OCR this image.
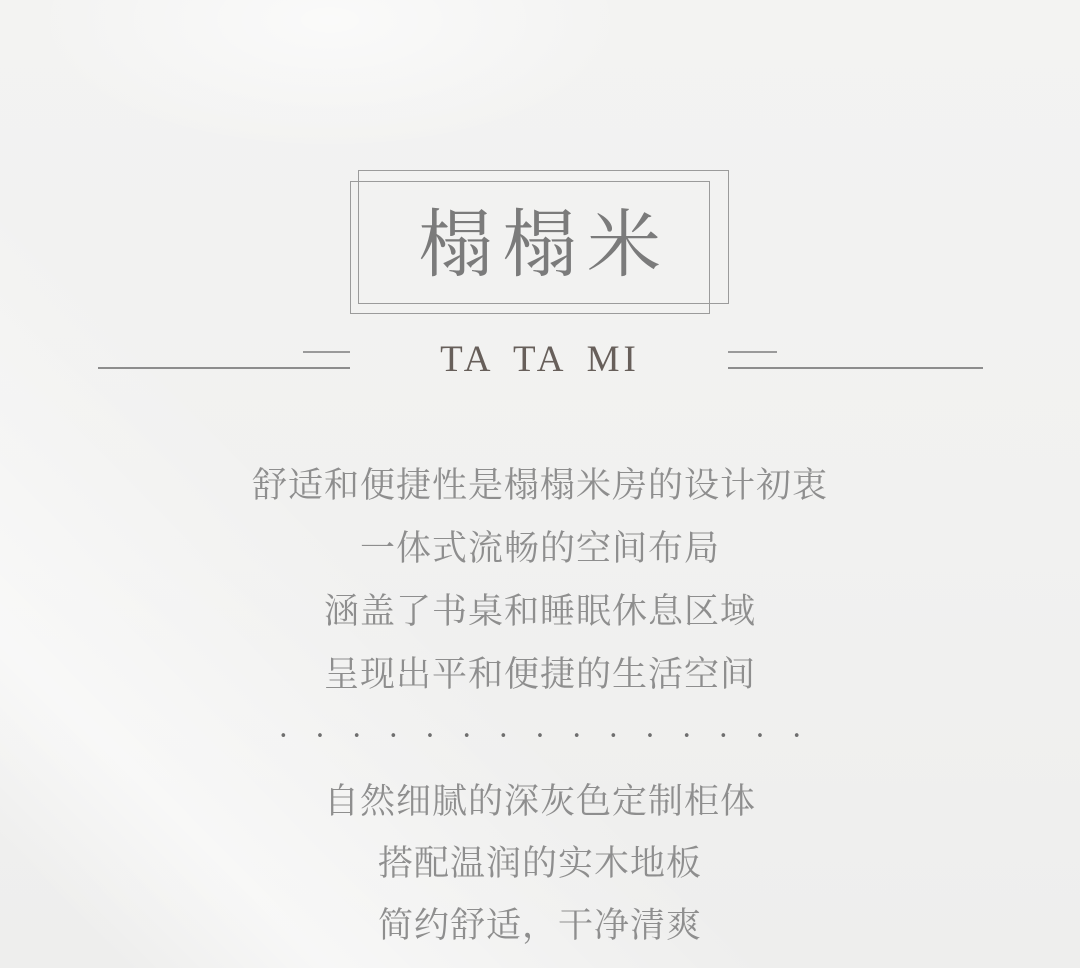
榻榻米
TA TA MI
舒适和便捷性是榻榻米房的设计初衷
一体式流畅的空间布局
涵盖了书桌和睡眠休息区域
呈现出平和便捷的生活空间
•••••••••••••••
自然细腻的深灰色定制柜体
搭配温润的实木地板
简约舒适，干净清爽
